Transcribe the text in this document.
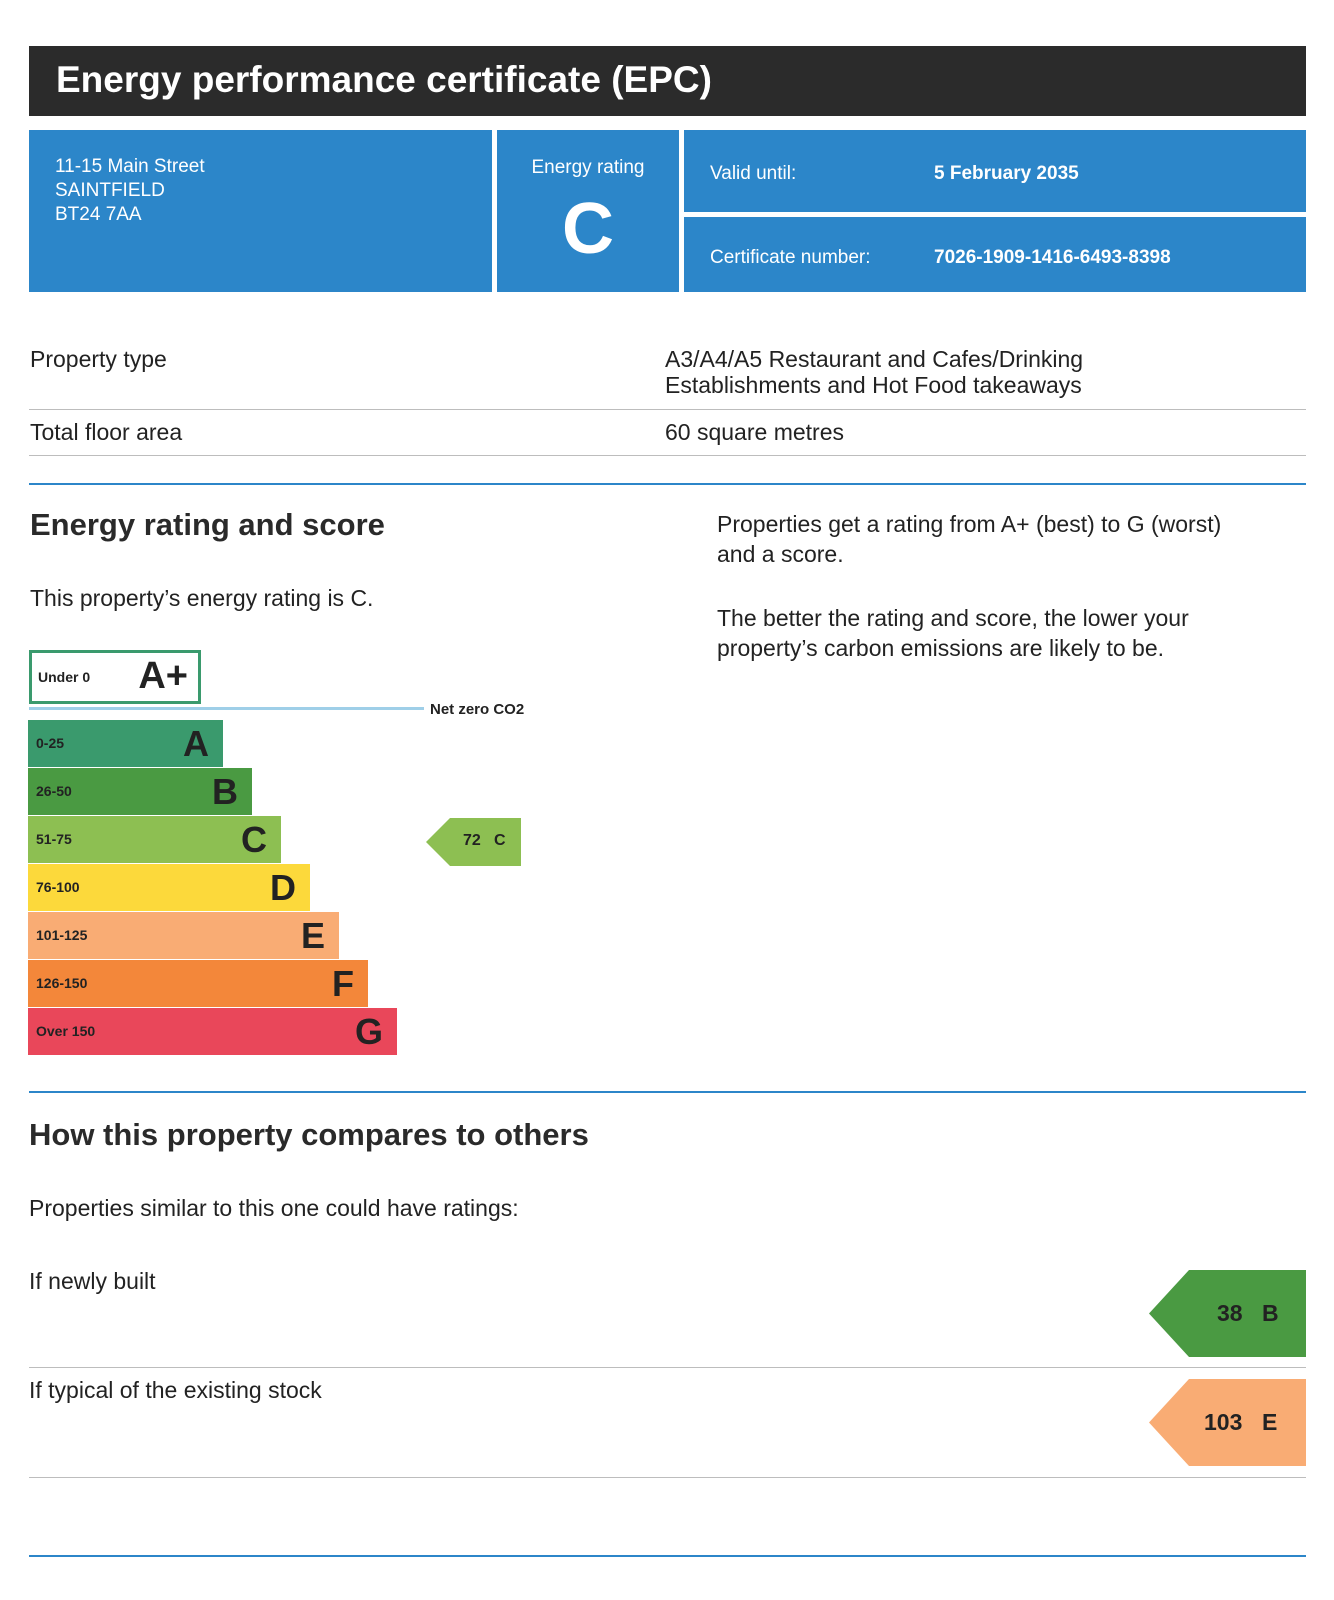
Energy performance certificate (EPC)
11-15 Main Street
SAINTFIELD
BT24 7AA
Energy rating
C
Valid until:	5 February 2035
Certificate number:	7026-1909-1416-6493-8398
Property type	A3/A4/A5 Restaurant and Cafes/Drinking
Establishments and Hot Food takeaways
Total floor area	60 square metres
Energy rating and score
This property’s energy rating is C.
Properties get a rating from A+ (best) to G (worst)
and a score.
The better the rating and score, the lower your
property’s carbon emissions are likely to be.
Under 0 A+
Net zero CO2
0-25	A
26-50	B
51-75	C
76-100	D
101-125	E
126-150	F
Over 150	G
72 C
How this property compares to others
Properties similar to this one could have ratings:
If newly built
38 B
If typical of the existing stock
103 E
